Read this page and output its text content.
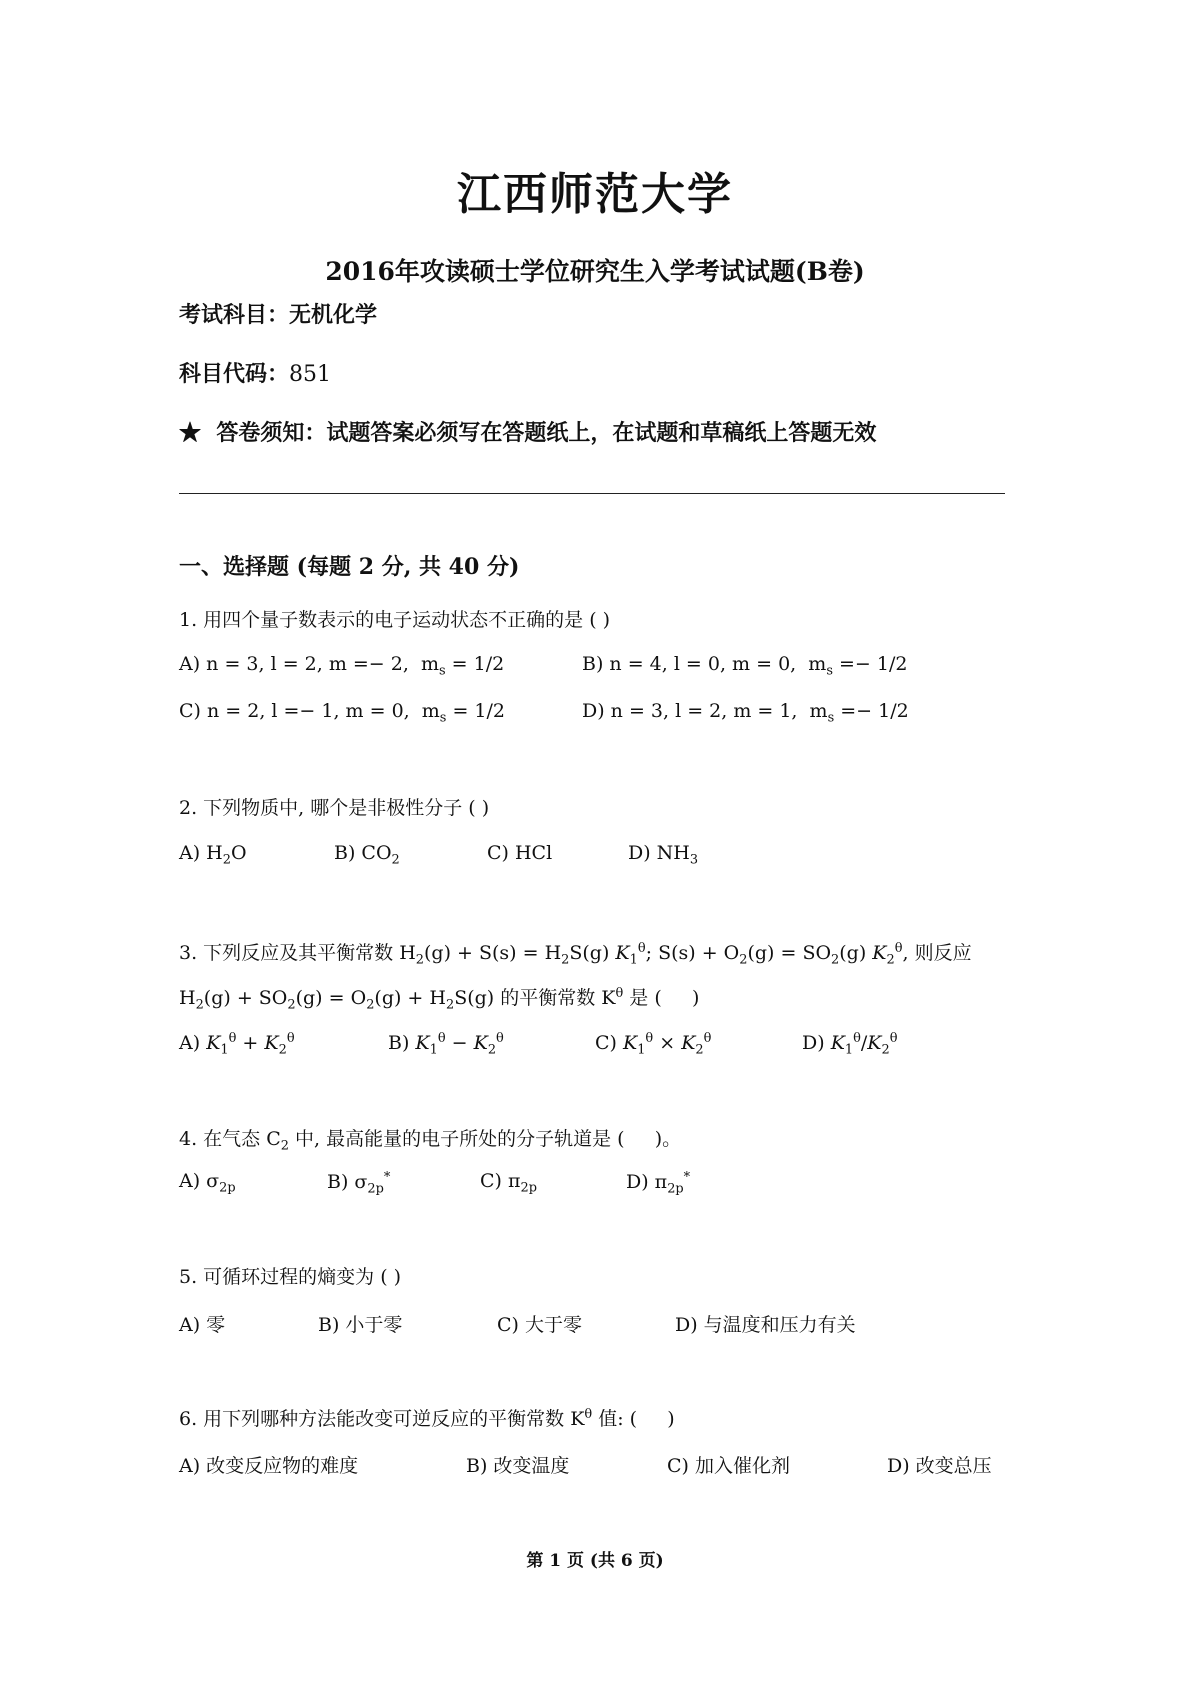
江西师范大学
2016年攻读硕士学位研究生入学考试试题(B卷)
考试科目：无机化学
科目代码：851
★ 答卷须知：试题答案必须写在答题纸上，在试题和草稿纸上答题无效
一、选择题 (每题 2 分, 共 40 分)
1. 用四个量子数表示的电子运动状态不正确的是 ( )
A) n = 3, l = 2, m =− 2,  $m_s = 1/2$	B) n = 4, l = 0, m = 0,  $m_s =- 1/2$
C) n = 2, l =− 1, m = 0,  $m_s = 1/2$	D) n = 3, l = 2, m = 1,  $m_s =- 1/2$
2. 下列物质中, 哪个是非极性分子 ( )
A) $H_2O$	B) $CO_2$	C) HCl	D) $NH_3$
3. 下列反应及其平衡常数 $H_2(g) + S(s) = H_2S(g)$ $K_1^\theta$; $S(s) + O_2(g) = SO_2(g)$ $K_2^\theta$, 则反应
$H_2(g) + SO_2(g) = O_2(g) + H_2S(g)$ 的平衡常数 $K^\theta$ 是 (     )
A) $K_1^\theta + K_2^\theta$	B) $K_1^\theta - K_2^\theta$	C) $K_1^\theta \times K_2^\theta$	D) $K_1^\theta/K_2^\theta$
4. 在气态 $C_2$ 中, 最高能量的电子所处的分子轨道是 (     )。
A) $\sigma_{2p}$	B) $\sigma_{2p}^*$	C) $\pi_{2p}$	D) $\pi_{2p}^*$
5. 可循环过程的熵变为 ( )
A) 零	B) 小于零	C) 大于零	D) 与温度和压力有关
6. 用下列哪种方法能改变可逆反应的平衡常数 $K^\theta$ 值: (     )
A) 改变反应物的难度	B) 改变温度	C) 加入催化剂	D) 改变总压
第 1 页 (共 6 页)
